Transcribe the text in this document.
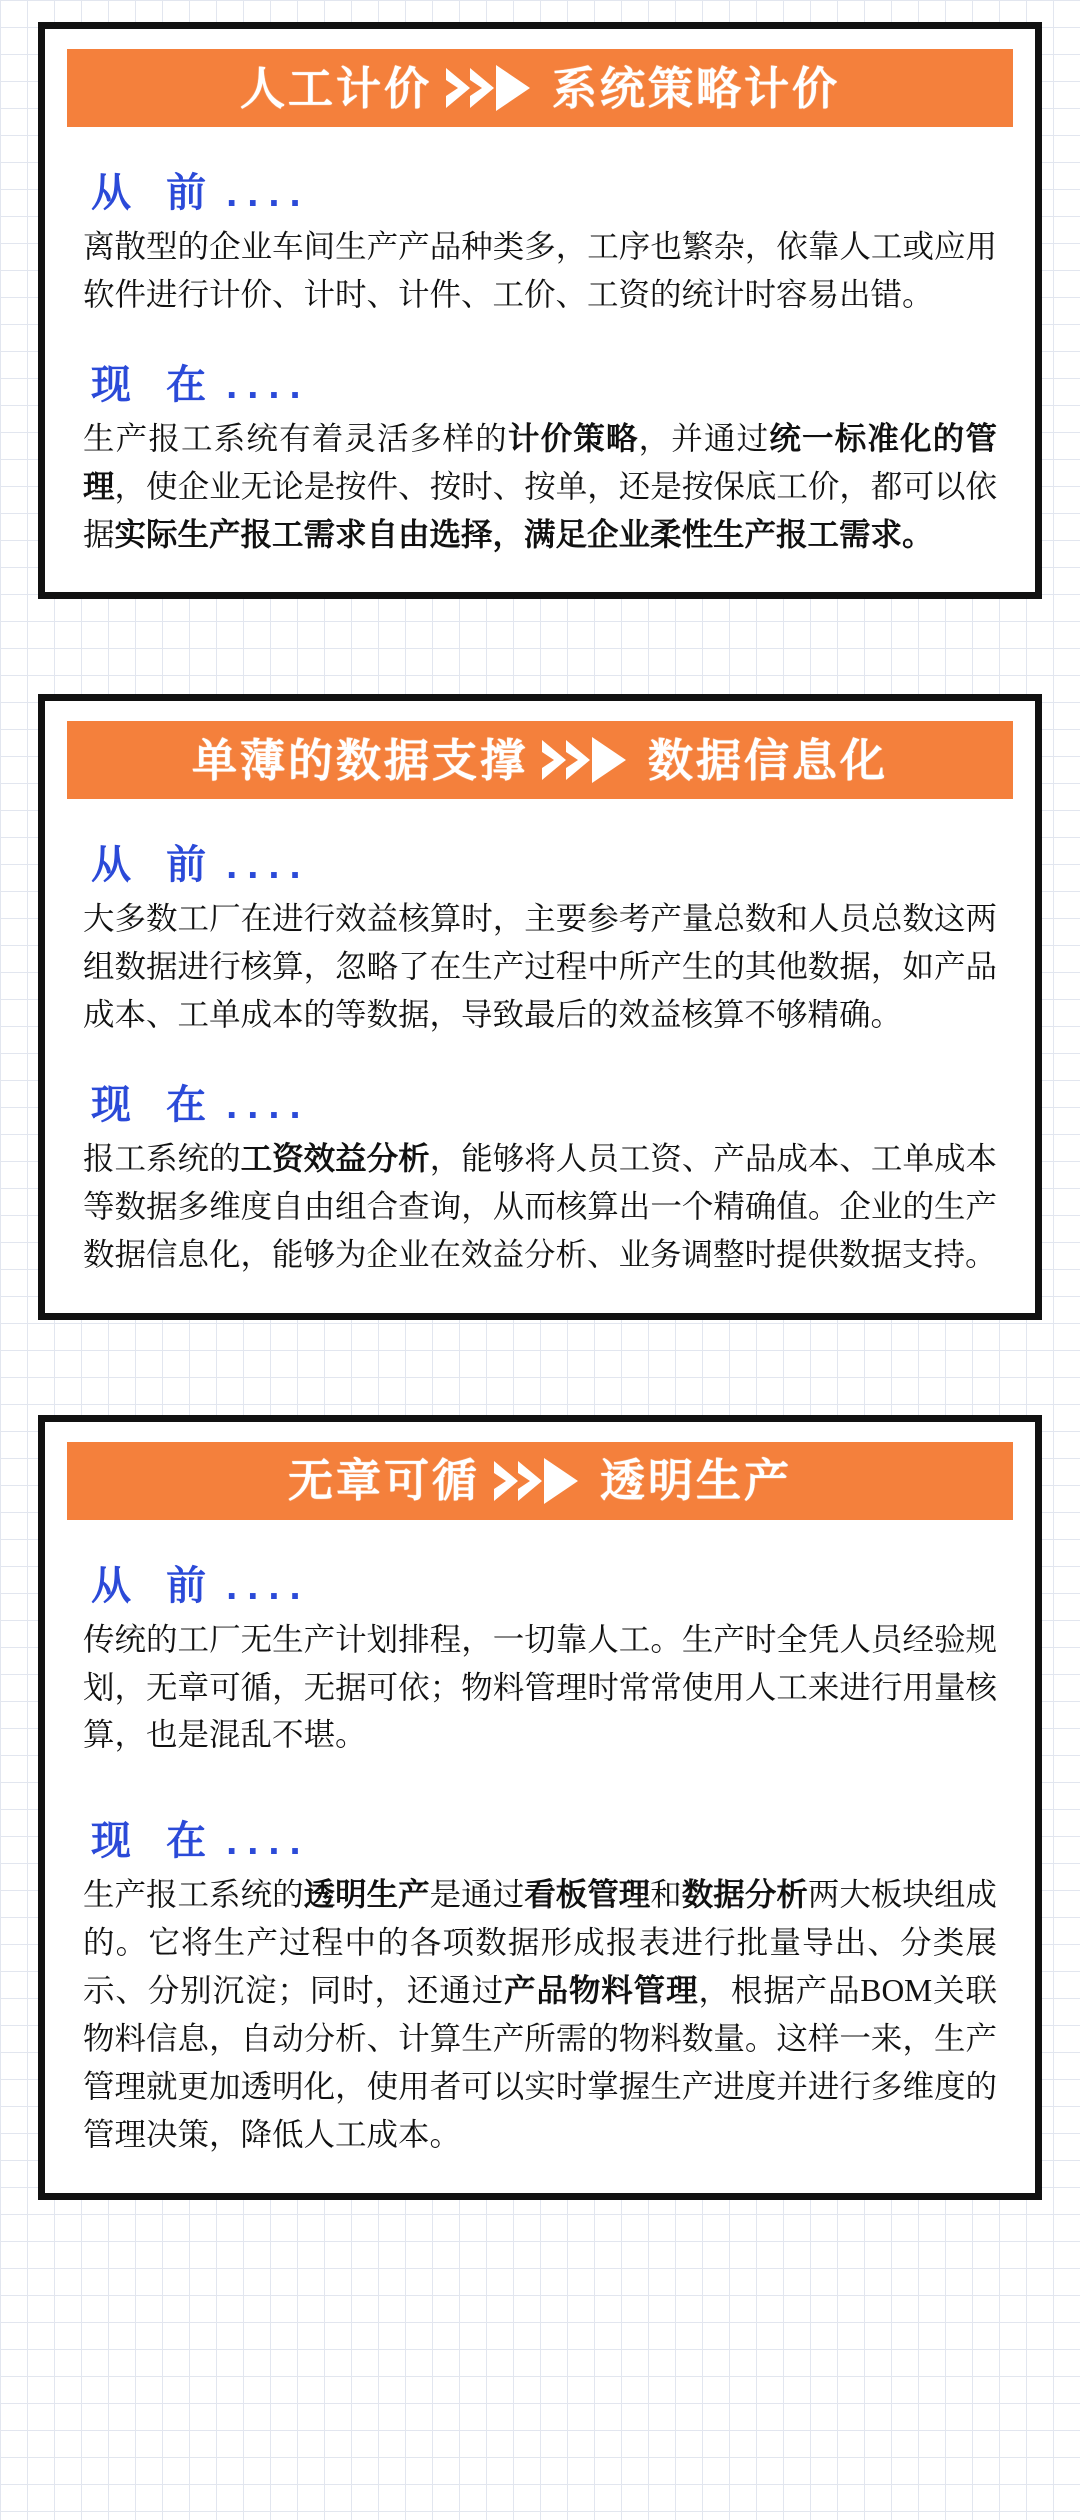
人工计价	系统策略计价
从 前 ....

离散型的企业车间生产产品种类多，工序也繁杂，依靠人工或应用软件进行计价、计时、计件、工价、工资的统计时容易出错。

现 在 ....

生产报工系统有着灵活多样的计价策略，并通过统一标准化的管理，使企业无论是按件、按时、按单，还是按保底工价，都可以依据实际生产报工需求自由选择，满足企业柔性生产报工需求。

单薄的数据支撑	数据信息化
从 前 ....

大多数工厂在进行效益核算时，主要参考产量总数和人员总数这两组数据进行核算，忽略了在生产过程中所产生的其他数据，如产品成本、工单成本的等数据，导致最后的效益核算不够精确。

现 在 ....

报工系统的工资效益分析，能够将人员工资、产品成本、工单成本等数据多维度自由组合查询，从而核算出一个精确值。企业的生产数据信息化，能够为企业在效益分析、业务调整时提供数据支持。

无章可循	透明生产
从 前 ....

传统的工厂无生产计划排程，一切靠人工。生产时全凭人员经验规划，无章可循，无据可依；物料管理时常常使用人工来进行用量核算，也是混乱不堪。

现 在 ....

生产报工系统的透明生产是通过看板管理和数据分析两大板块组成的。它将生产过程中的各项数据形成报表进行批量导出、分类展示、分别沉淀；同时，还通过产品物料管理，根据产品BOM关联物料信息，自动分析、计算生产所需的物料数量。这样一来，生产管理就更加透明化，使用者可以实时掌握生产进度并进行多维度的管理决策，降低人工成本。
